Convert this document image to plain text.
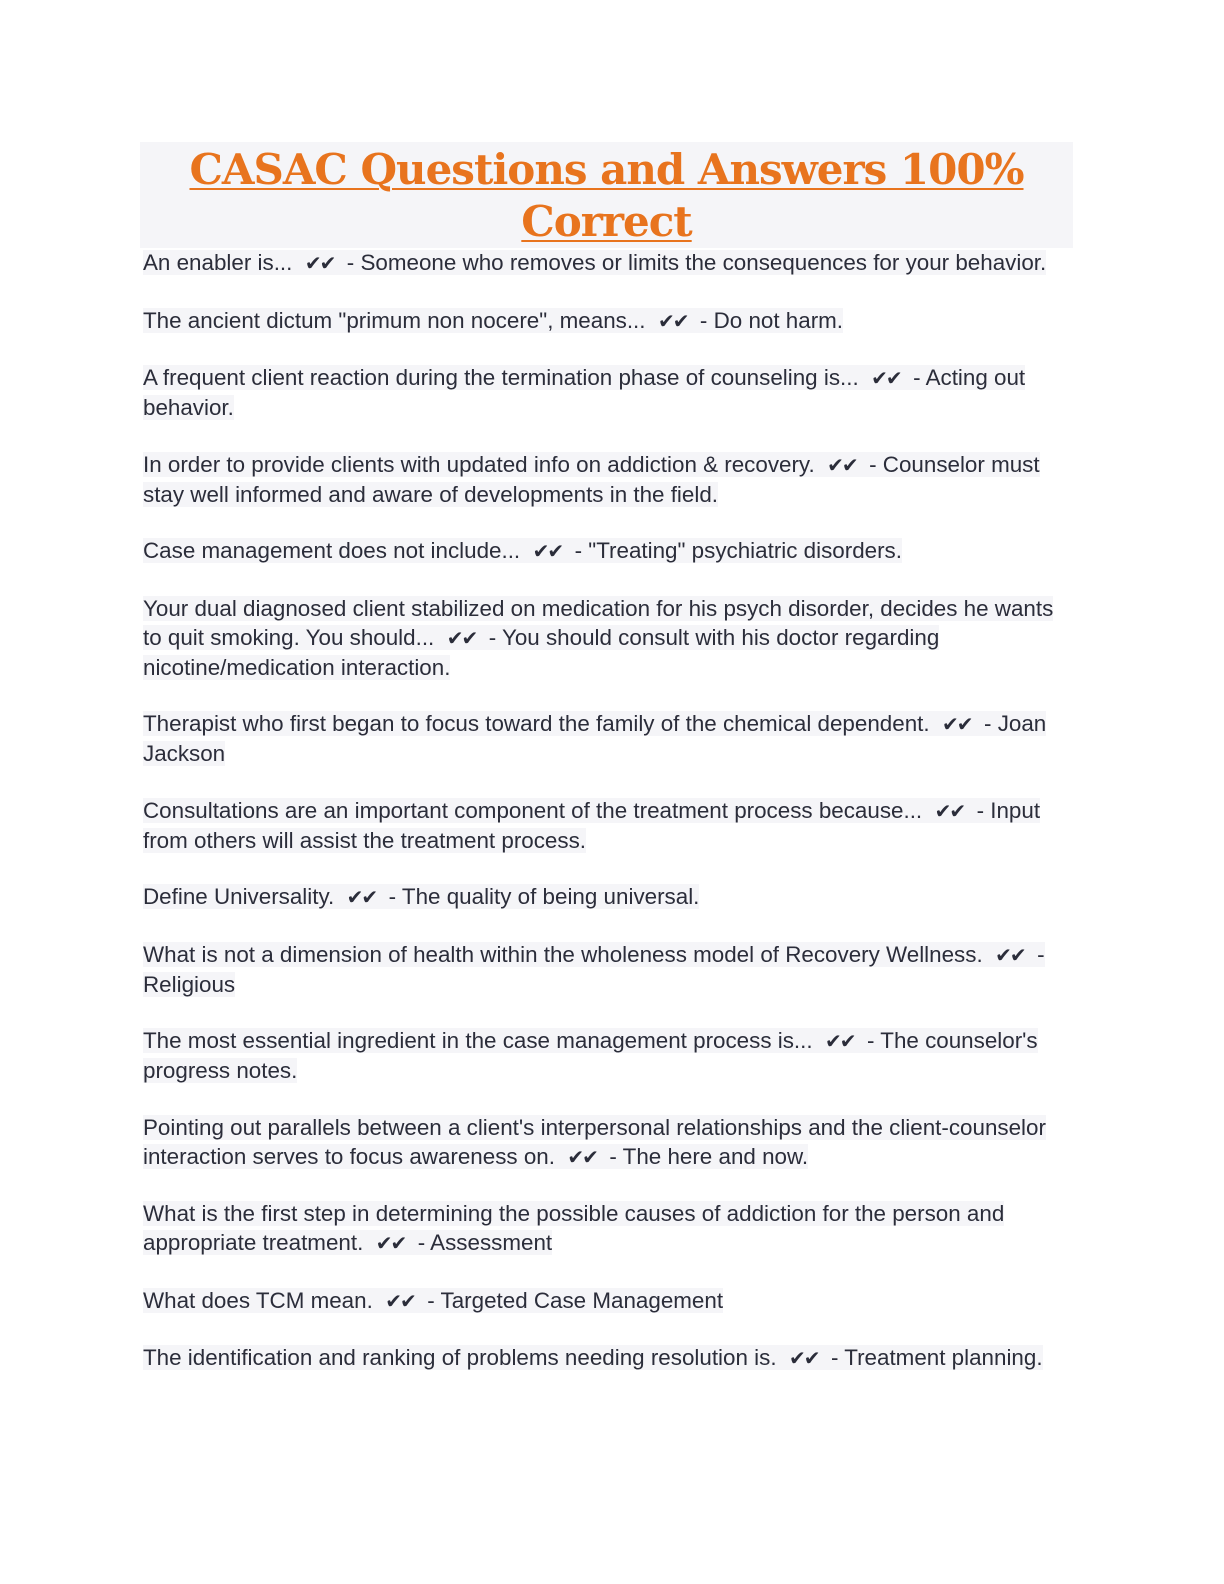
CASAC Questions and Answers 100% Correct
An enabler is... ✔✔ - Someone who removes or limits the consequences for your behavior.
The ancient dictum "primum non nocere", means... ✔✔ - Do not harm.
A frequent client reaction during the termination phase of counseling is... ✔✔ - Acting out behavior.
In order to provide clients with updated info on addiction & recovery. ✔✔ - Counselor must stay well informed and aware of developments in the field.
Case management does not include... ✔✔ - "Treating" psychiatric disorders.
Your dual diagnosed client stabilized on medication for his psych disorder, decides he wants to quit smoking. You should... ✔✔ - You should consult with his doctor regarding nicotine/medication interaction.
Therapist who first began to focus toward the family of the chemical dependent. ✔✔ - Joan Jackson
Consultations are an important component of the treatment process because... ✔✔ - Input from others will assist the treatment process.
Define Universality. ✔✔ - The quality of being universal.
What is not a dimension of health within the wholeness model of Recovery Wellness. ✔✔ - Religious
The most essential ingredient in the case management process is... ✔✔ - The counselor's progress notes.
Pointing out parallels between a client's interpersonal relationships and the client-counselor interaction serves to focus awareness on. ✔✔ - The here and now.
What is the first step in determining the possible causes of addiction for the person and appropriate treatment. ✔✔ - Assessment
What does TCM mean. ✔✔ - Targeted Case Management
The identification and ranking of problems needing resolution is. ✔✔ - Treatment planning.
